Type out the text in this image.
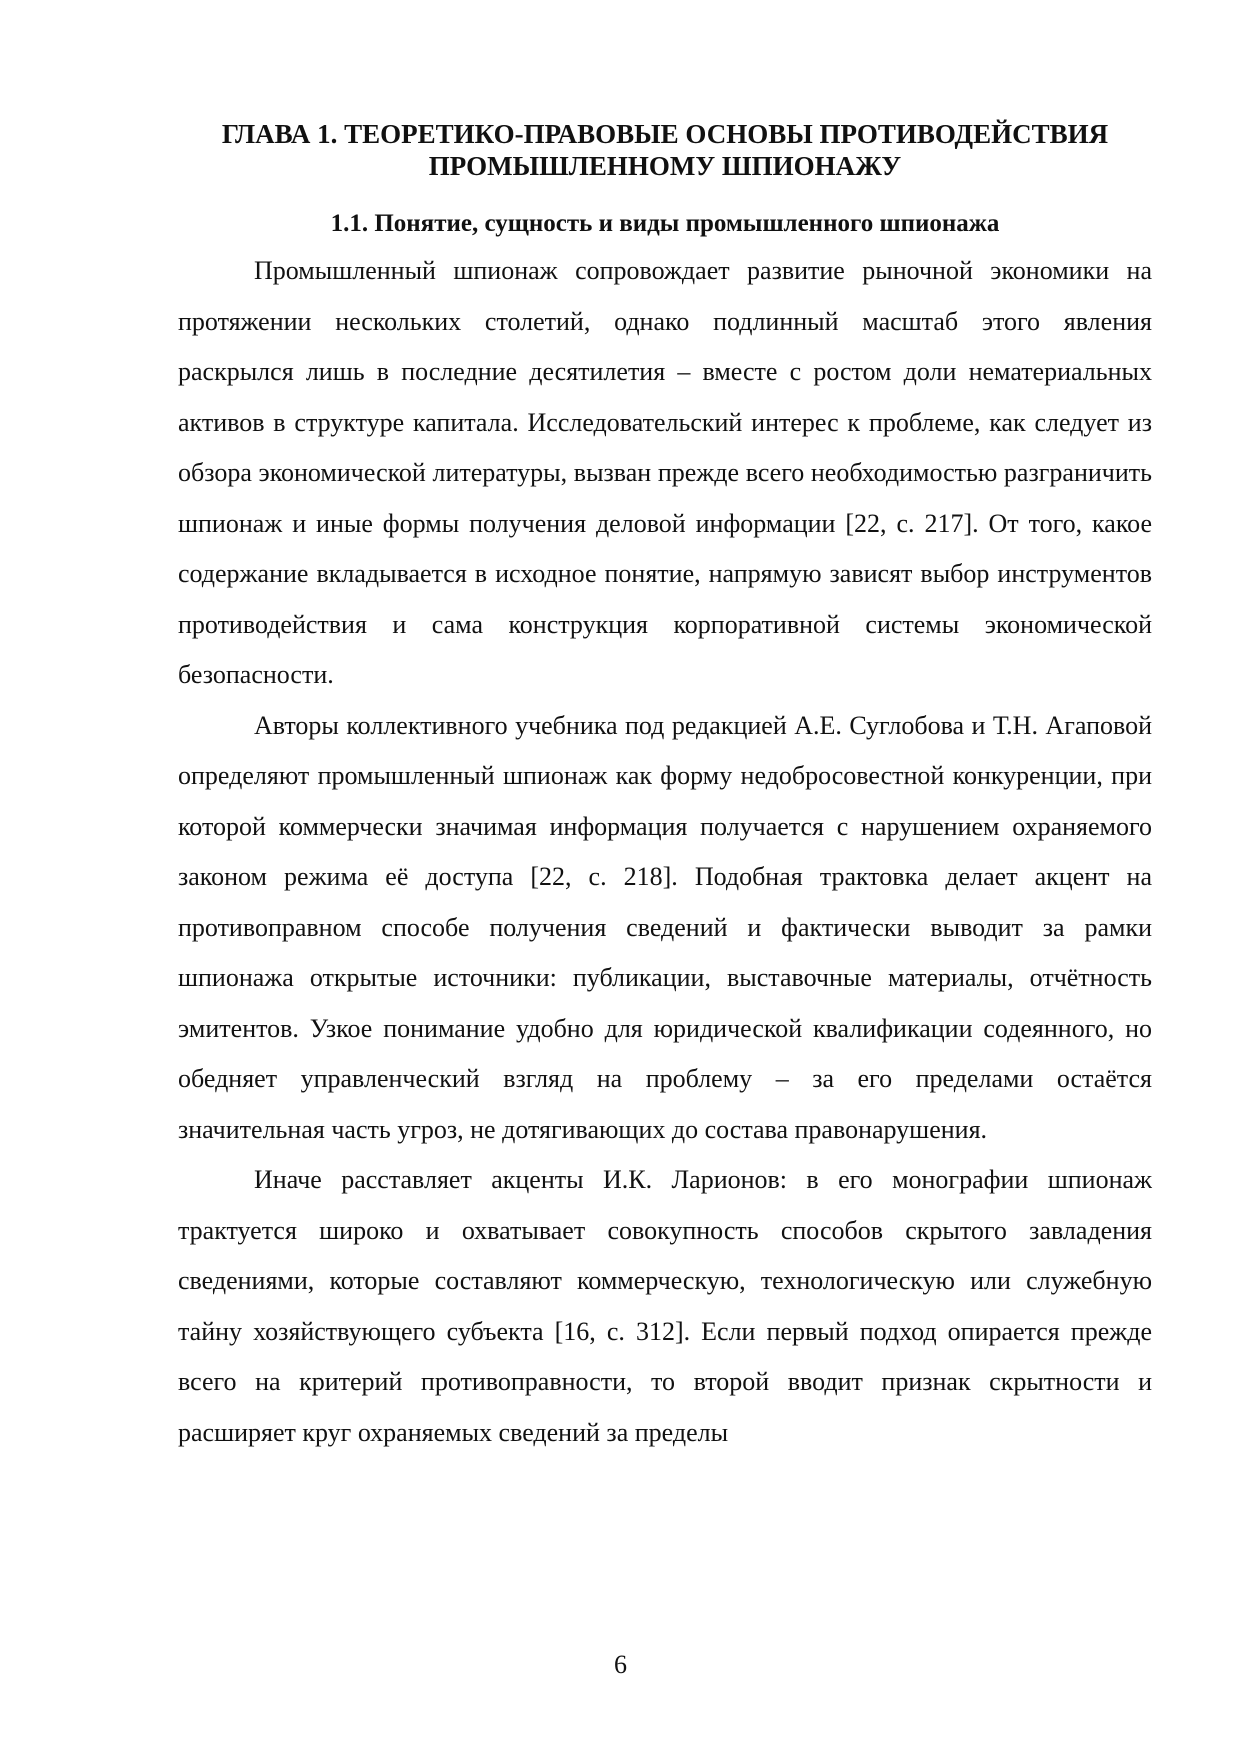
ГЛАВА 1. ТЕОРЕТИКО-ПРАВОВЫЕ ОСНОВЫ ПРОТИВОДЕЙСТВИЯ ПРОМЫШЛЕННОМУ ШПИОНАЖУ
1.1. Понятие, сущность и виды промышленного шпионажа

Промышленный шпионаж сопровождает развитие рыночной экономики на протяжении нескольких столетий, однако подлинный масштаб этого явления раскрылся лишь в последние десятилетия – вместе с ростом доли нематериальных активов в структуре капитала. Исследовательский интерес к проблеме, как следует из обзора экономической литературы, вызван прежде всего необходимостью разграничить шпионаж и иные формы получения деловой информации [22, с. 217]. От того, какое содержание вкладывается в исходное понятие, напрямую зависят выбор инструментов противодействия и сама конструкция корпоративной системы экономической безопасности.

Авторы коллективного учебника под редакцией А.Е. Суглобова и Т.Н. Агаповой определяют промышленный шпионаж как форму недобросовестной конкуренции, при которой коммерчески значимая информация получается с нарушением охраняемого законом режима её доступа [22, с. 218]. Подобная трактовка делает акцент на противоправном способе получения сведений и фактически выводит за рамки шпионажа открытые источники: публикации, выставочные материалы, отчётность эмитентов. Узкое понимание удобно для юридической квалификации содеянного, но обедняет управленческий взгляд на проблему – за его пределами остаётся значительная часть угроз, не дотягивающих до состава правонарушения.

Иначе расставляет акценты И.К. Ларионов: в его монографии шпионаж трактуется широко и охватывает совокупность способов скрытого завладения сведениями, которые составляют коммерческую, технологическую или служебную тайну хозяйствующего субъекта [16, с. 312]. Если первый подход опирается прежде всего на критерий противоправности, то второй вводит признак скрытности и расширяет круг охраняемых сведений за пределы

6
